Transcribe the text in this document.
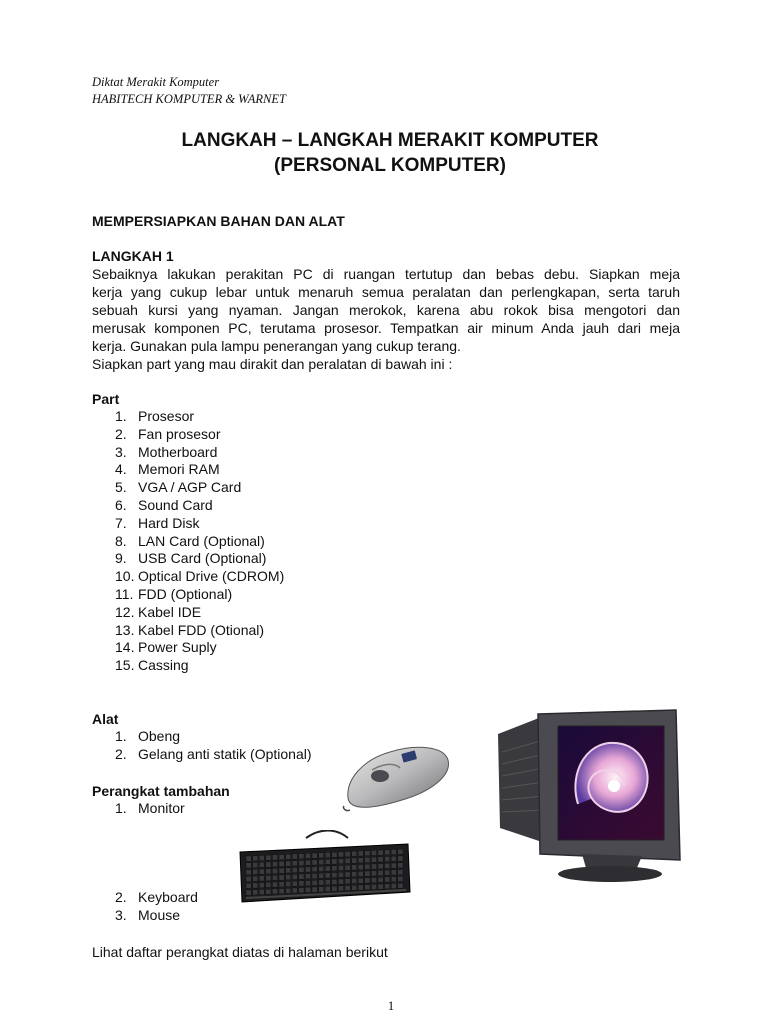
Diktat Merakit Komputer
HABITECH KOMPUTER & WARNET
LANGKAH – LANGKAH MERAKIT KOMPUTER
(PERSONAL KOMPUTER)
MEMPERSIAPKAN BAHAN DAN ALAT
LANGKAH 1
Sebaiknya lakukan perakitan PC di ruangan tertutup dan bebas debu. Siapkan meja
kerja yang cukup lebar untuk menaruh semua peralatan dan perlengkapan, serta taruh
sebuah kursi yang nyaman. Jangan merokok, karena abu rokok bisa mengotori dan
merusak komponen PC, terutama prosesor. Tempatkan air minum Anda jauh dari meja
kerja. Gunakan pula lampu penerangan yang cukup terang.
Siapkan part yang mau dirakit dan peralatan di bawah ini :
Part
1. Prosesor
2. Fan prosesor
3. Motherboard
4. Memori RAM
5. VGA / AGP Card
6. Sound Card
7. Hard Disk
8. LAN Card (Optional)
9. USB Card (Optional)
10. Optical Drive (CDROM)
11. FDD (Optional)
12. Kabel IDE
13. Kabel FDD (Otional)
14. Power Suply
15. Cassing
Alat
1. Obeng
2. Gelang anti statik (Optional)
Perangkat tambahan
1. Monitor
2. Keyboard
3. Mouse
Lihat daftar perangkat diatas di halaman berikut
1
